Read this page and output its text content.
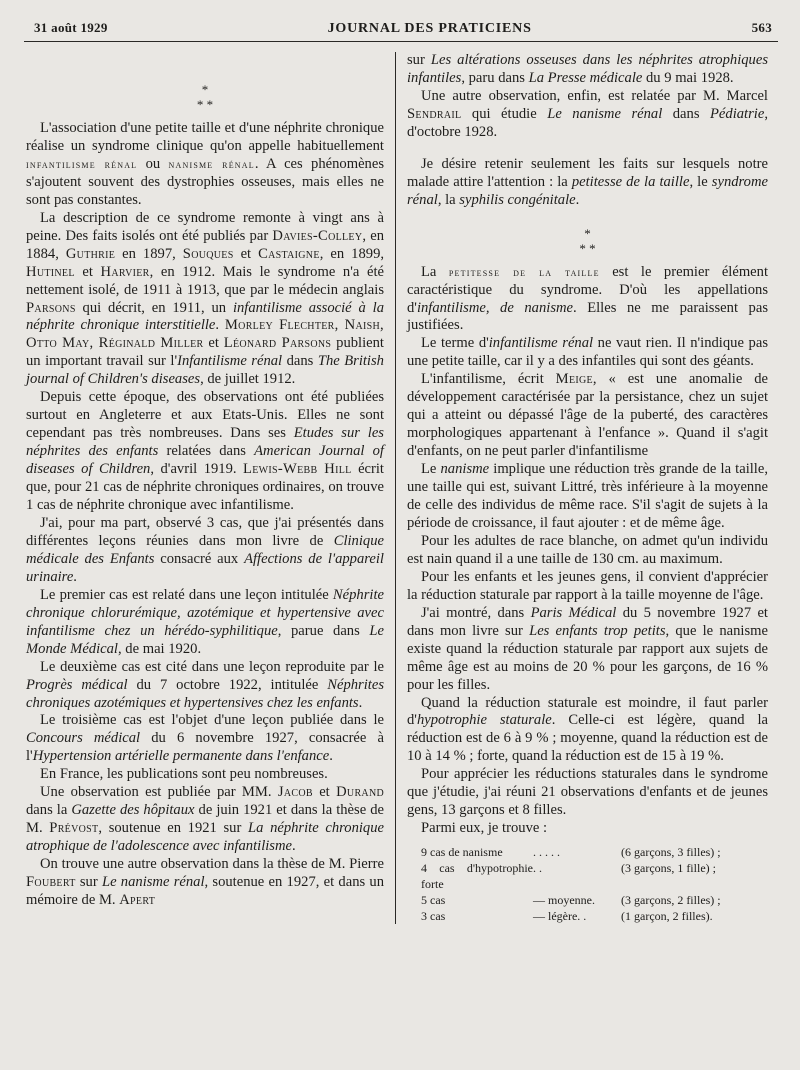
31 août 1929	JOURNAL DES PRATICIENS	563
*
* *

L'association d'une petite taille et d'une néphrite chronique réalise un syndrome clinique qu'on appelle habituellement infantilisme rénal ou nanisme rénal. A ces phénomènes s'ajoutent souvent des dystrophies osseuses, mais elles ne sont pas constantes.

La description de ce syndrome remonte à vingt ans à peine. Des faits isolés ont été publiés par Davies-Colley, en 1884, Guthrie en 1897, Souques et Castaigne, en 1899, Hutinel et Harvier, en 1912. Mais le syndrome n'a été nettement isolé, de 1911 à 1913, que par le médecin anglais Parsons qui décrit, en 1911, un infantilisme associé à la néphrite chronique interstitielle. Morley Flechter, Naish, Otto May, Réginald Miller et Léonard Parsons publient un important travail sur l'Infantilisme rénal dans The British journal of Children's diseases, de juillet 1912.

Depuis cette époque, des observations ont été publiées surtout en Angleterre et aux Etats-Unis. Elles ne sont cependant pas très nombreuses. Dans ses Etudes sur les néphrites des enfants relatées dans American Journal of diseases of Children, d'avril 1919. Lewis-Webb Hill écrit que, pour 21 cas de néphrite chroniques ordinaires, on trouve 1 cas de néphrite chronique avec infantilisme.

J'ai, pour ma part, observé 3 cas, que j'ai présentés dans différentes leçons réunies dans mon livre de Clinique médicale des Enfants consacré aux Affections de l'appareil urinaire.

Le premier cas est relaté dans une leçon intitulée Néphrite chronique chlorurémique, azotémique et hypertensive avec infantilisme chez un hérédo-syphilitique, parue dans Le Monde Médical, de mai 1920.

Le deuxième cas est cité dans une leçon reproduite par le Progrès médical du 7 octobre 1922, intitulée Néphrites chroniques azotémiques et hypertensives chez les enfants.

Le troisième cas est l'objet d'une leçon publiée dans le Concours médical du 6 novembre 1927, consacrée à l'Hypertension artérielle permanente dans l'enfance.

En France, les publications sont peu nombreuses.

Une observation est publiée par MM. Jacob et Durand dans la Gazette des hôpitaux de juin 1921 et dans la thèse de M. Prévost, soutenue en 1921 sur La néphrite chronique atrophique de l'adolescence avec infantilisme.

On trouve une autre observation dans la thèse de M. Pierre Foubert sur Le nanisme rénal, soutenue en 1927, et dans un mémoire de M. Apert

sur Les altérations osseuses dans les néphrites atrophiques infantiles, paru dans La Presse médicale du 9 mai 1928.

Une autre observation, enfin, est relatée par M. Marcel Sendrail qui étudie Le nanisme rénal dans Pédiatrie, d'octobre 1928.

Je désire retenir seulement les faits sur lesquels notre malade attire l'attention : la petitesse de la taille, le syndrome rénal, la syphilis congénitale.

*
* *

La petitesse de la taille est le premier élément caractéristique du syndrome. D'où les appellations d'infantilisme, de nanisme. Elles ne me paraissent pas justifiées.

Le terme d'infantilisme rénal ne vaut rien. Il n'indique pas une petite taille, car il y a des infantiles qui sont des géants.

L'infantilisme, écrit Meige, « est une anomalie de développement caractérisée par la persistance, chez un sujet qui a atteint ou dépassé l'âge de la puberté, des caractères morphologiques appartenant à l'enfance ». Quand il s'agit d'enfants, on ne peut parler d'infantilisme

Le nanisme implique une réduction très grande de la taille, une taille qui est, suivant Littré, très inférieure à la moyenne de celle des individus de même race. S'il s'agit de sujets à la période de croissance, il faut ajouter : et de même âge.

Pour les adultes de race blanche, on admet qu'un individu est nain quand il a une taille de 130 cm. au maximum.

Pour les enfants et les jeunes gens, il convient d'apprécier la réduction staturale par rapport à la taille moyenne de l'âge.

J'ai montré, dans Paris Médical du 5 novembre 1927 et dans mon livre sur Les enfants trop petits, que le nanisme existe quand la réduction staturale par rapport aux sujets de même âge est au moins de 20 % pour les garçons, de 16 % pour les filles.

Quand la réduction staturale est moindre, il faut parler d'hypotrophie staturale. Celle-ci est légère, quand la réduction est de 6 à 9 % ; moyenne, quand la réduction est de 10 à 14 % ; forte, quand la réduction est de 15 à 19 %.

Pour apprécier les réductions staturales dans le syndrome que j'étudie, j'ai réuni 21 observations d'enfants et de jeunes gens, 13 garçons et 8 filles.

Parmi eux, je trouve :

9 cas de nanisme	. . . . .	(6 garçons, 3 filles) ;
4 cas d'hypotrophie forte
. .	(3 garçons, 1 fille) ;
5 cas	— moyenne.	(3 garçons, 2 filles) ;
3 cas	— légère. .	(1 garçon, 2 filles).
